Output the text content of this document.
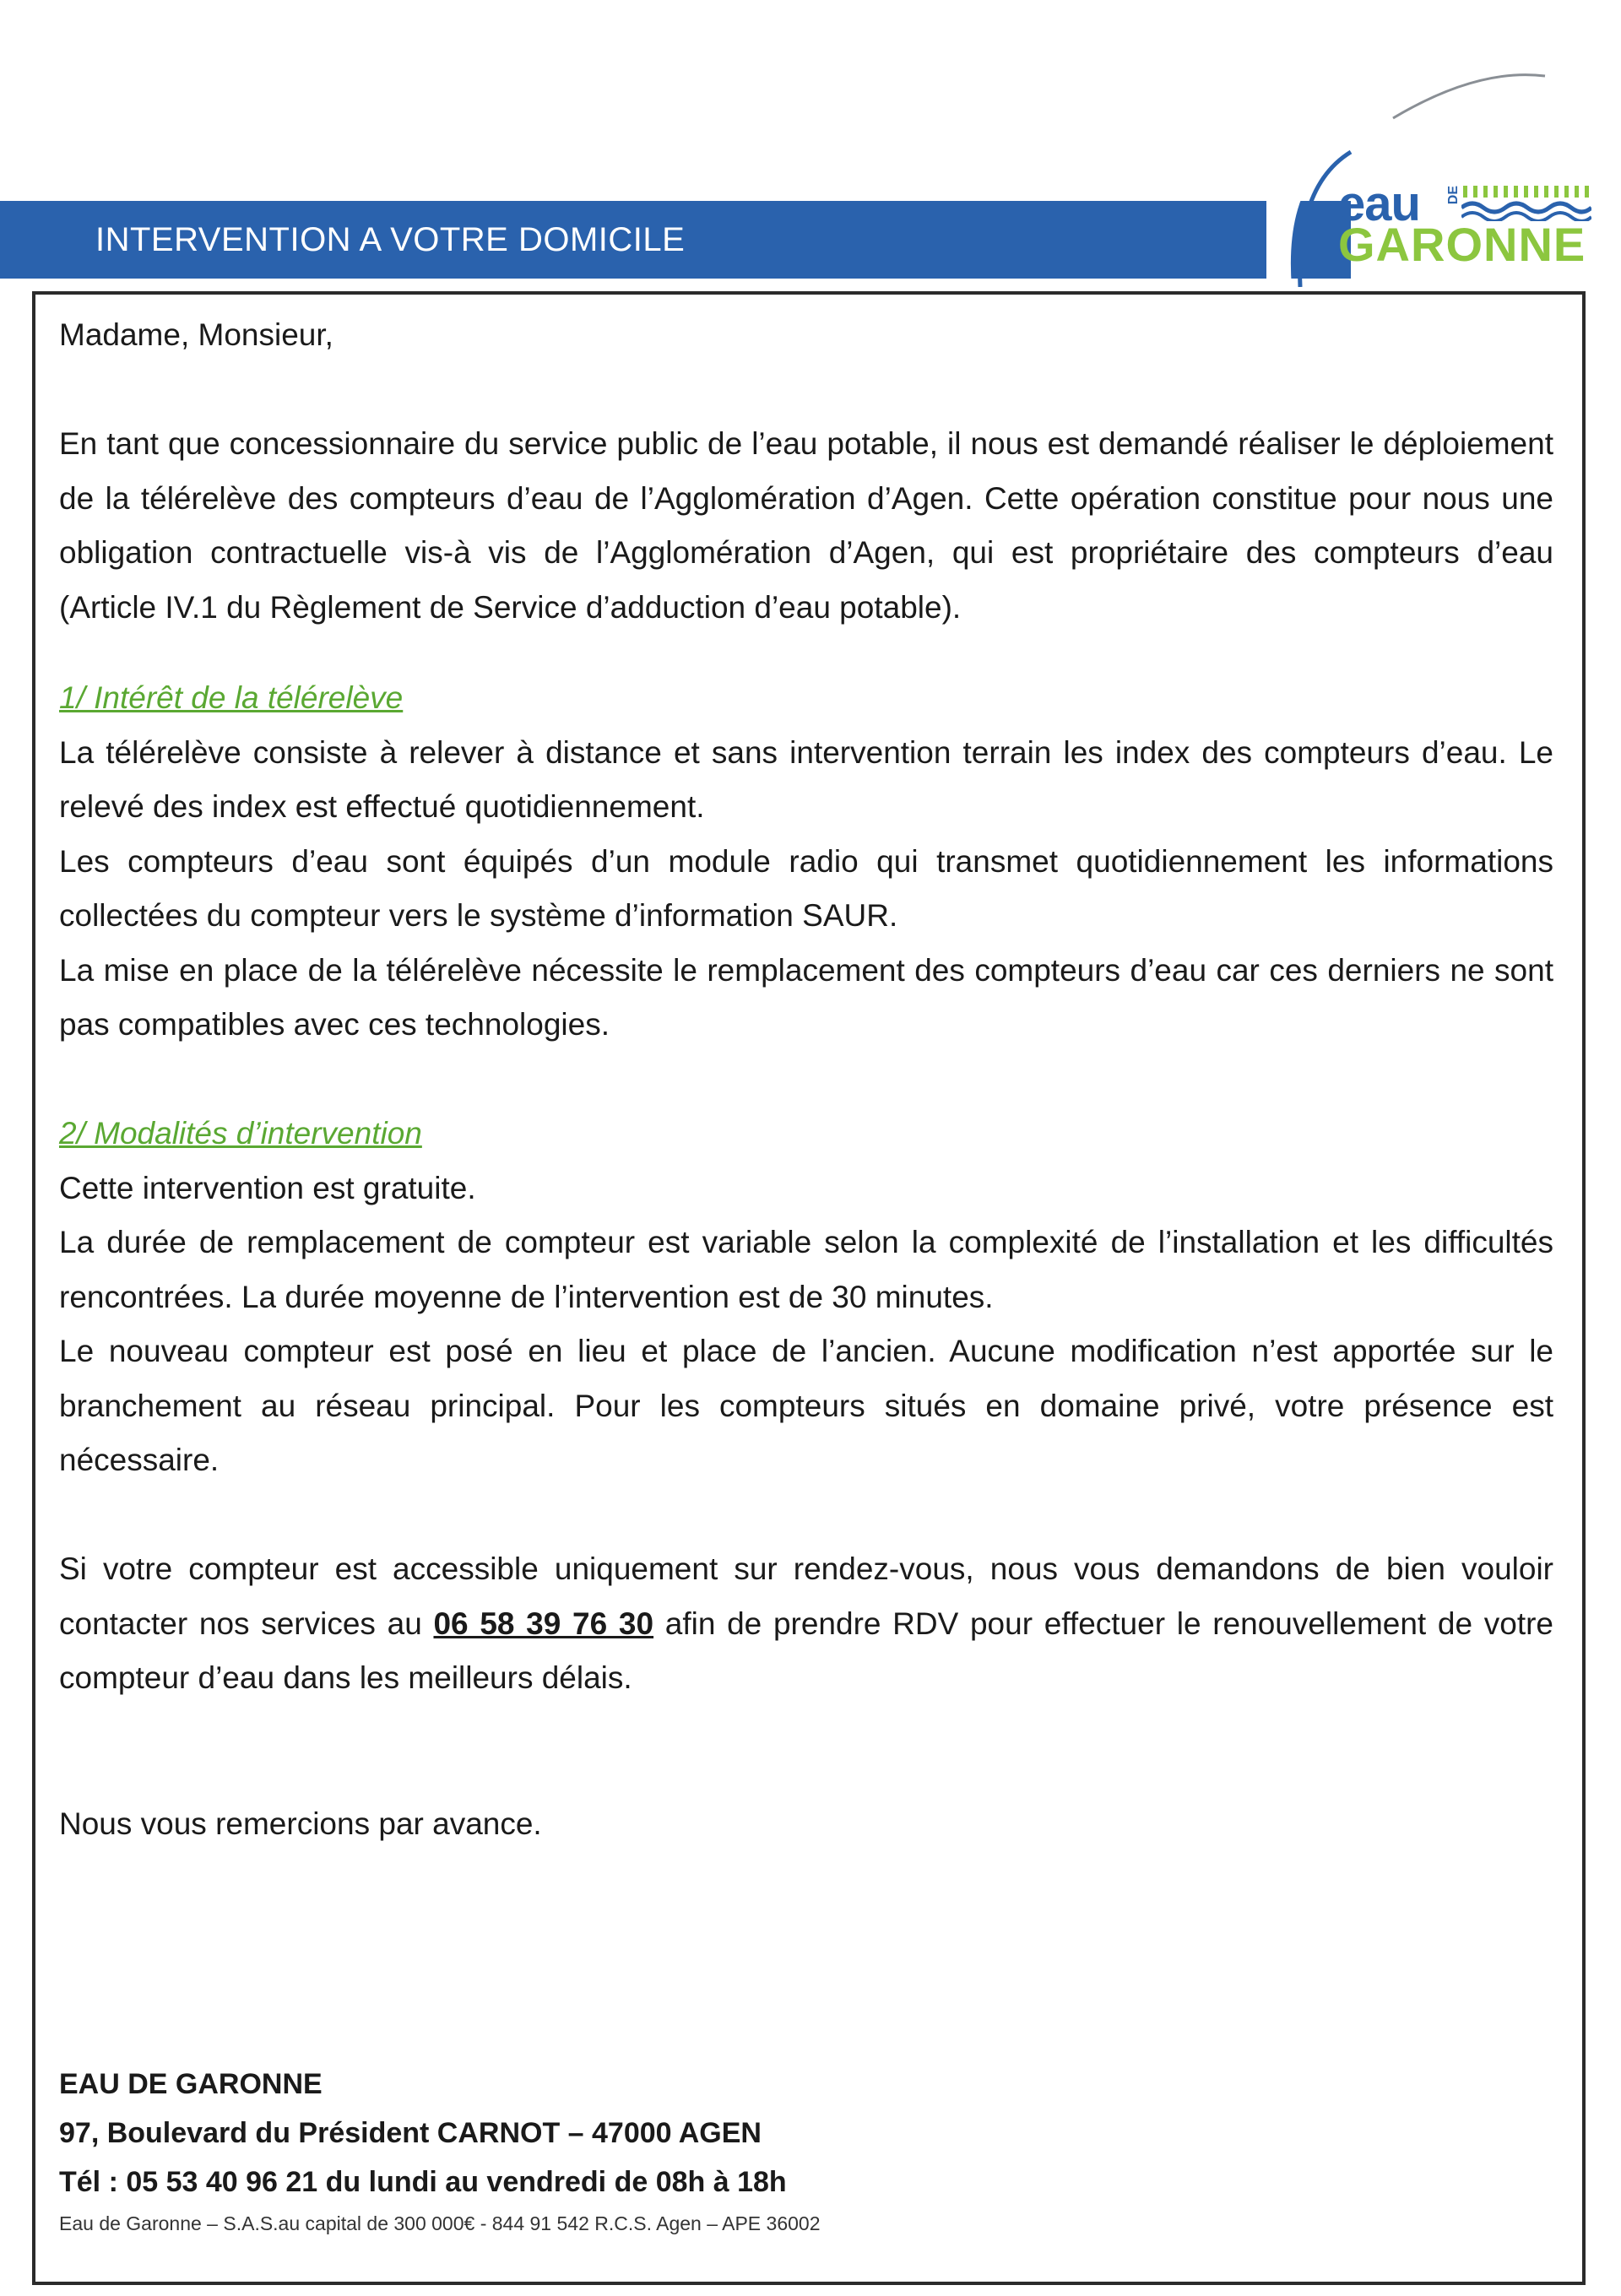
INTERVENTION A VOTRE DOMICILE
eau DE
GARONNE

Madame, Monsieur,

En tant que concessionnaire du service public de l’eau potable, il nous est demandé réaliser le déploiement de la télérelève des compteurs d’eau de l’Agglomération d’Agen. Cette opération constitue pour nous une obligation contractuelle vis-à vis de l’Agglomération d’Agen, qui est propriétaire des compteurs d’eau (Article IV.1 du Règlement de Service d’adduction d’eau potable).

1/ Intérêt de la télérelève

La télérelève consiste à relever à distance et sans intervention terrain les index des compteurs d’eau. Le relevé des index est effectué quotidiennement.

Les compteurs d’eau sont équipés d’un module radio qui transmet quotidiennement les informations collectées du compteur vers le système d’information SAUR.

La mise en place de la télérelève nécessite le remplacement des compteurs d’eau car ces derniers ne sont pas compatibles avec ces technologies.

2/ Modalités d’intervention

Cette intervention est gratuite.

La durée de remplacement de compteur est variable selon la complexité de l’installation et les difficultés rencontrées. La durée moyenne de l’intervention est de 30 minutes.

Le nouveau compteur est posé en lieu et place de l’ancien. Aucune modification n’est apportée sur le branchement au réseau principal. Pour les compteurs situés en domaine privé, votre présence est nécessaire.

Si votre compteur est accessible uniquement sur rendez-vous, nous vous demandons de bien vouloir contacter nos services au 06 58 39 76 30 afin de prendre RDV pour effectuer le renouvellement de votre compteur d’eau dans les meilleurs délais.

Nous vous remercions par avance.

EAU DE GARONNE
97, Boulevard du Président CARNOT – 47000 AGEN
Tél : 05 53 40 96 21 du lundi au vendredi de 08h à 18h
Eau de Garonne – S.A.S.au capital de 300 000€ - 844 91 542 R.C.S. Agen – APE 36002
